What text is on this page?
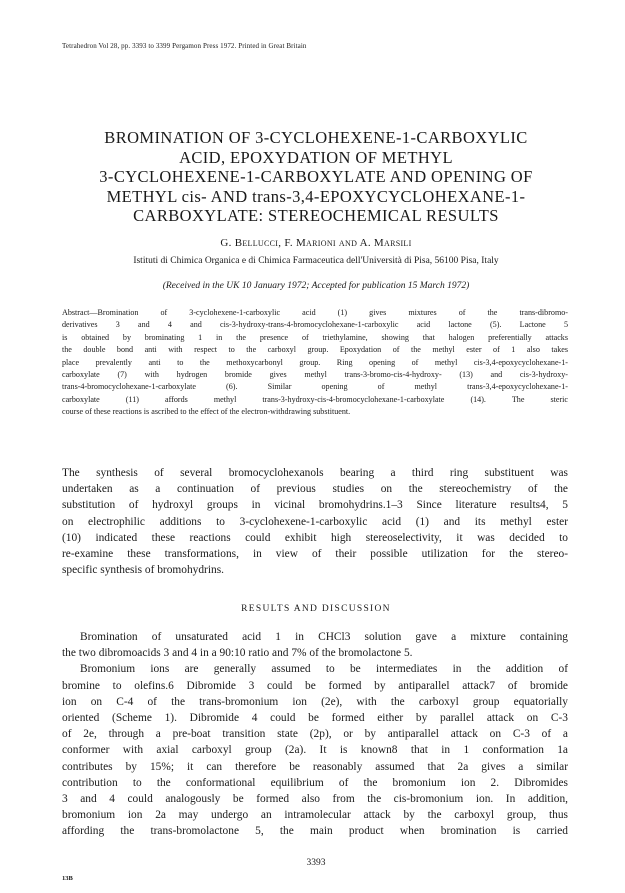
Tetrahedron Vol 28, pp. 3393 to 3399 Pergamon Press 1972. Printed in Great Britain
BROMINATION OF 3-CYCLOHEXENE-1-CARBOXYLIC
ACID, EPOXYDATION OF METHYL
3-CYCLOHEXENE-1-CARBOXYLATE AND OPENING OF
METHYL cis- AND trans-3,4-EPOXYCYCLOHEXANE-1-
CARBOXYLATE: STEREOCHEMICAL RESULTS
G. Bellucci, F. Marioni and A. Marsili
Istituti di Chimica Organica e di Chimica Farmaceutica dell'Università di Pisa, 56100 Pisa, Italy
(Received in the UK 10 January 1972; Accepted for publication 15 March 1972)
Abstract—Bromination of 3-cyclohexene-1-carboxylic acid (1) gives mixtures of the trans-dibromo-
derivatives 3 and 4 and cis-3-hydroxy-trans-4-bromocyclohexane-1-carboxylic acid lactone (5). Lactone 5
is obtained by brominating 1 in the presence of triethylamine, showing that halogen preferentially attacks
the double bond anti with respect to the carboxyl group. Epoxydation of the methyl ester of 1 also takes
place prevalently anti to the methoxycarbonyl group. Ring opening of methyl cis-3,4-epoxycyclohexane-1-
carboxylate (7) with hydrogen bromide gives methyl trans-3-bromo-cis-4-hydroxy- (13) and cis-3-hydroxy-
trans-4-bromocyclohexane-1-carboxylate (6). Similar opening of methyl trans-3,4-epoxycyclohexane-1-
carboxylate (11) affords methyl trans-3-hydroxy-cis-4-bromocyclohexane-1-carboxylate (14). The steric
course of these reactions is ascribed to the effect of the electron-withdrawing substituent.
The synthesis of several bromocyclohexanols bearing a third ring substituent was
undertaken as a continuation of previous studies on the stereochemistry of the
substitution of hydroxyl groups in vicinal bromohydrins.1–3 Since literature results4, 5
on electrophilic additions to 3-cyclohexene-1-carboxylic acid (1) and its methyl ester
(10) indicated these reactions could exhibit high stereoselectivity, it was decided to
re-examine these transformations, in view of their possible utilization for the stereo-
specific synthesis of bromohydrins.
RESULTS AND DISCUSSION
Bromination of unsaturated acid 1 in CHCl3 solution gave a mixture containing
the two dibromoacids 3 and 4 in a 90:10 ratio and 7% of the bromolactone 5.
Bromonium ions are generally assumed to be intermediates in the addition of
bromine to olefins.6 Dibromide 3 could be formed by antiparallel attack7 of bromide
ion on C-4 of the trans-bromonium ion (2e), with the carboxyl group equatorially
oriented (Scheme 1). Dibromide 4 could be formed either by parallel attack on C-3
of 2e, through a pre-boat transition state (2p), or by antiparallel attack on C-3 of a
conformer with axial carboxyl group (2a). It is known8 that in 1 conformation 1a
contributes by 15%; it can therefore be reasonably assumed that 2a gives a similar
contribution to the conformational equilibrium of the bromonium ion 2. Dibromides
3 and 4 could analogously be formed also from the cis-bromonium ion. In addition,
bromonium ion 2a may undergo an intramolecular attack by the carboxyl group, thus
affording the trans-bromolactone 5, the main product when bromination is carried
3393
13B
